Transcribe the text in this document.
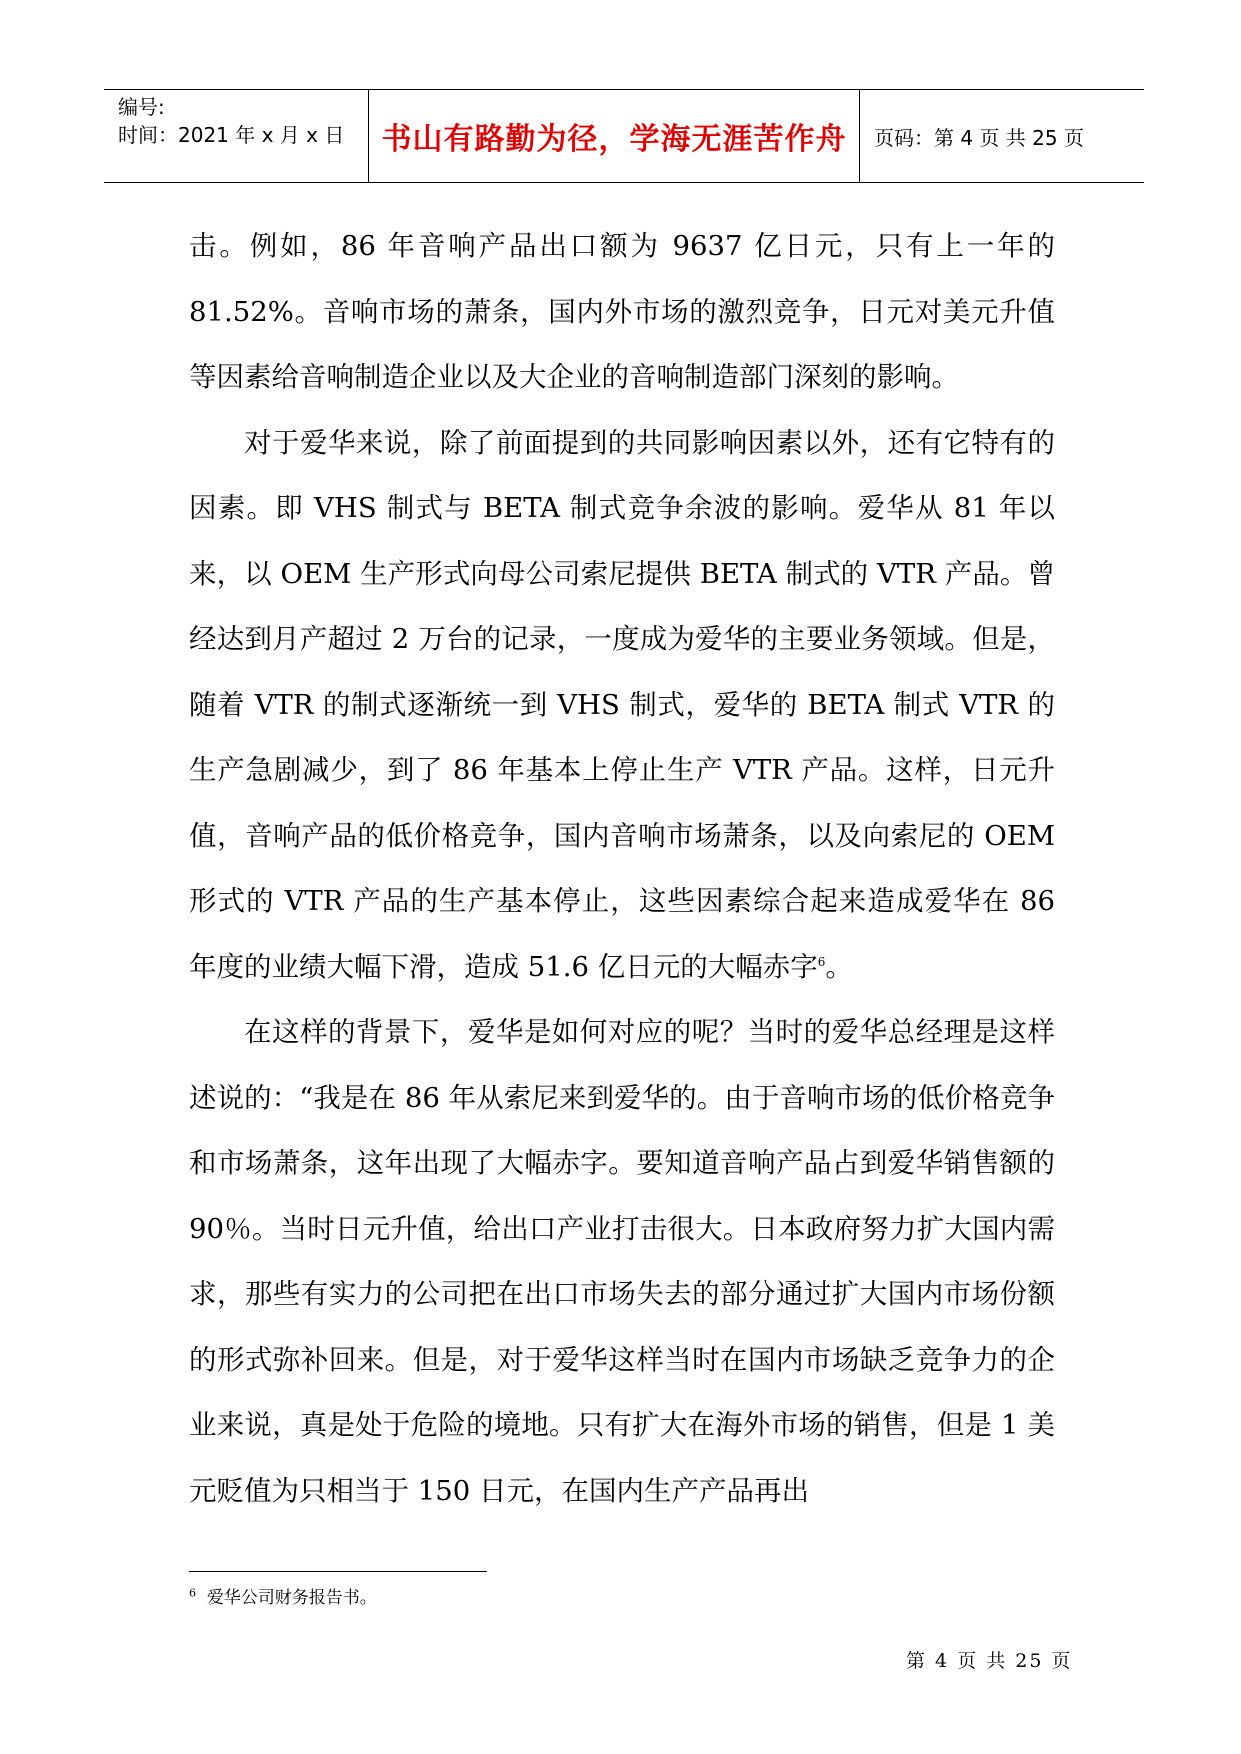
编号:
时间：2021 年 x 月 x 日 书山有路勤为径，学海无涯苦作舟	页码：第 4 页 共 25 页

击。例如，86 年音响产品出口额为 9637 亿日元，只有上一年的 81.52%。音响市场的萧条，国内外市场的激烈竞争，日元对美元升值等因素给音响制造企业以及大企业的音响制造部门深刻的影响。

对于爱华来说，除了前面提到的共同影响因素以外，还有它特有的因素。即 VHS 制式与 BETA 制式竞争余波的影响。爱华从 81 年以来，以 OEM 生产形式向母公司索尼提供 BETA 制式的 VTR 产品。曾经达到月产超过 2 万台的记录，一度成为爱华的主要业务领域。但是，随着 VTR 的制式逐渐统一到 VHS 制式，爱华的 BETA 制式 VTR 的生产急剧减少，到了 86 年基本上停止生产 VTR 产品。这样，日元升值，音响产品的低价格竞争，国内音响市场萧条，以及向索尼的 OEM 形式的 VTR 产品的生产基本停止，这些因素综合起来造成爱华在 86 年度的业绩大幅下滑，造成 51.6 亿日元的大幅赤字$^6$。

在这样的背景下，爱华是如何对应的呢？当时的爱华总经理是这样述说的：“我是在 86 年从索尼来到爱华的。由于音响市场的低价格竞争和市场萧条，这年出现了大幅赤字。要知道音响产品占到爱华销售额的 90％。当时日元升值，给出口产业打击很大。日本政府努力扩大国内需求，那些有实力的公司把在出口市场失去的部分通过扩大国内市场份额的形式弥补回来。但是，对于爱华这样当时在国内市场缺乏竞争力的企业来说，真是处于危险的境地。只有扩大在海外市场的销售，但是 1 美元贬值为只相当于 150 日元，在国内生产产品再出

$^6$ 爱华公司财务报告书。
第 4 页 共 25 页
